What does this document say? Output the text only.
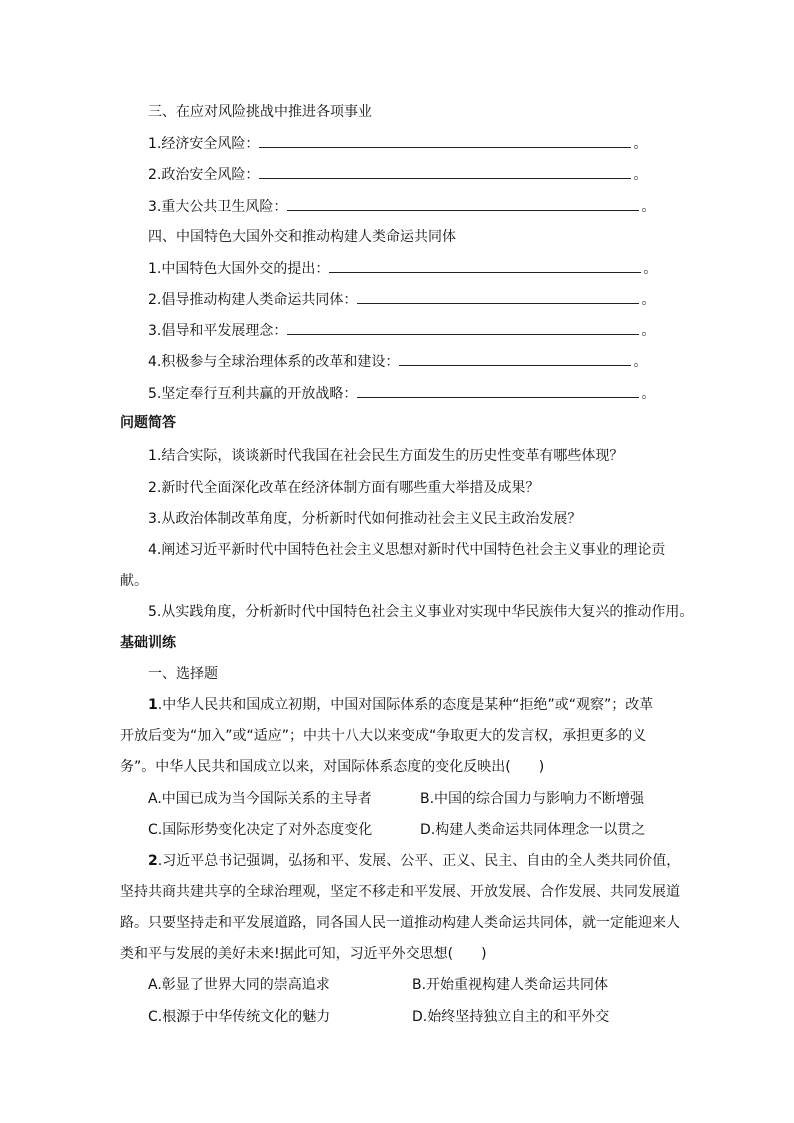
三、在应对风险挑战中推进各项事业
1.经济安全风险：	。
2.政治安全风险：	。
3.重大公共卫生风险：	。
四、中国特色大国外交和推动构建人类命运共同体
1.中国特色大国外交的提出：	。
2.倡导推动构建人类命运共同体：	。
3.倡导和平发展理念：	。
4.积极参与全球治理体系的改革和建设：	。
5.坚定奉行互利共赢的开放战略：	。
问题简答
1.结合实际，谈谈新时代我国在社会民生方面发生的历史性变革有哪些体现？
2.新时代全面深化改革在经济体制方面有哪些重大举措及成果？
3.从政治体制改革角度，分析新时代如何推动社会主义民主政治发展？
4.阐述习近平新时代中国特色社会主义思想对新时代中国特色社会主义事业的理论贡
献。
5.从实践角度，分析新时代中国特色社会主义事业对实现中华民族伟大复兴的推动作用。
基础训练
一、选择题
1.中华人民共和国成立初期，中国对国际体系的态度是某种“拒绝”或“观察”；改革
开放后变为“加入”或“适应”；中共十八大以来变成“争取更大的发言权，承担更多的义
务”。中华人民共和国成立以来，对国际体系态度的变化反映出(　　)
A.中国已成为当今国际关系的主导者	B.中国的综合国力与影响力不断增强
C.国际形势变化决定了对外态度变化	D.构建人类命运共同体理念一以贯之
2.习近平总书记强调，弘扬和平、发展、公平、正义、民主、自由的全人类共同价值，
坚持共商共建共享的全球治理观，坚定不移走和平发展、开放发展、合作发展、共同发展道
路。只要坚持走和平发展道路，同各国人民一道推动构建人类命运共同体，就一定能迎来人
类和平与发展的美好未来!据此可知，习近平外交思想(　　)
A.彰显了世界大同的崇高追求	B.开始重视构建人类命运共同体
C.根源于中华传统文化的魅力	D.始终坚持独立自主的和平外交
